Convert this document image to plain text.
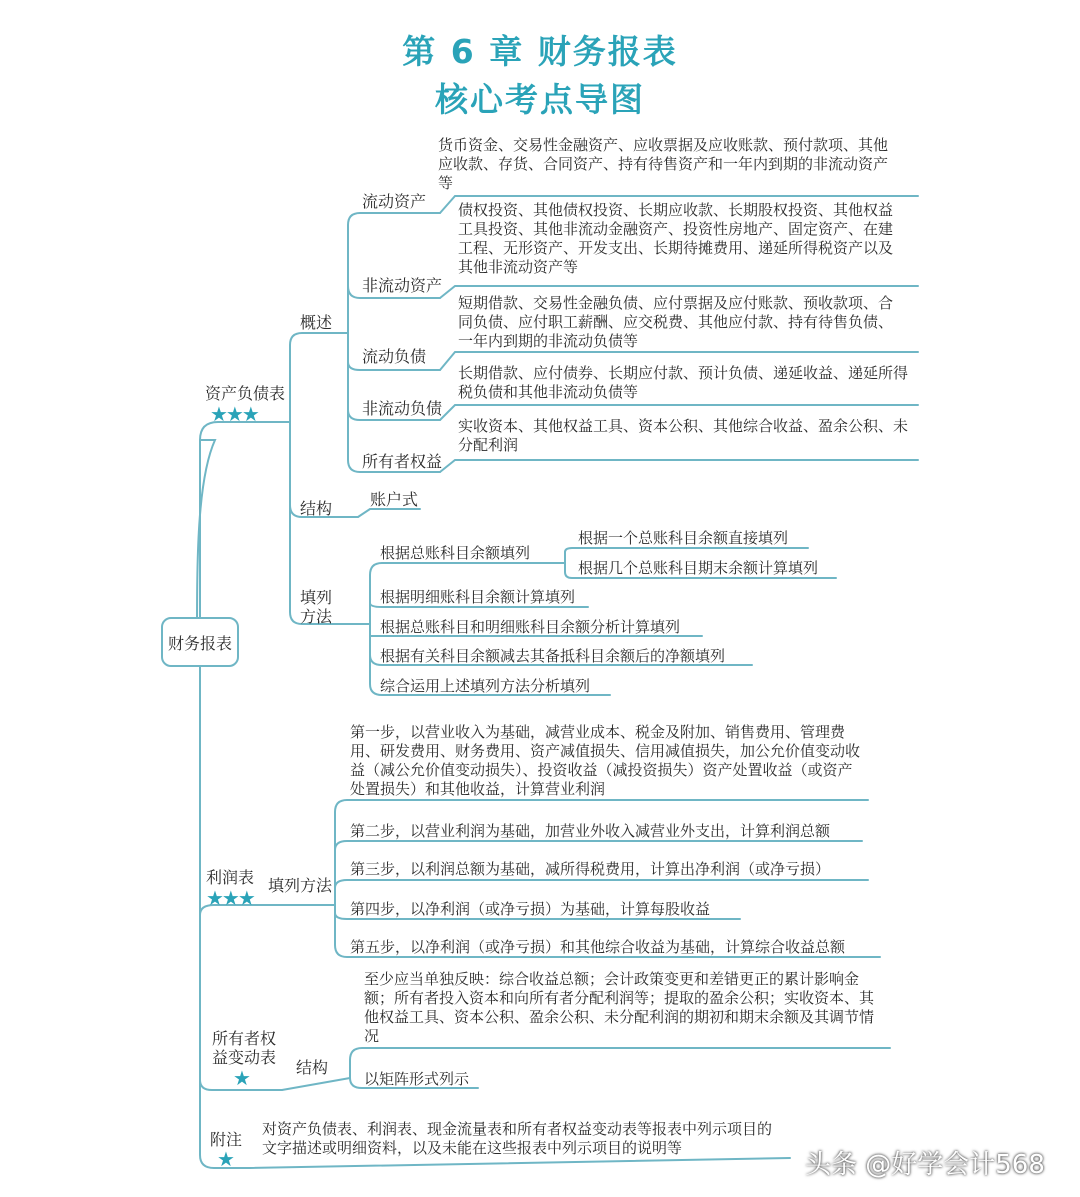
第 6 章 财务报表
核心考点导图
财务报表
资产负债表
★★★
概述
流动资产
货币资金、交易性金融资产、应收票据及应收账款、预付款项、其他应收款、存货、合同资产、持有待售资产和一年内到期的非流动资产等
非流动资产
债权投资、其他债权投资、长期应收款、长期股权投资、其他权益工具投资、其他非流动金融资产、投资性房地产、固定资产、在建工程、无形资产、开发支出、长期待摊费用、递延所得税资产以及其他非流动资产等
流动负债
短期借款、交易性金融负债、应付票据及应付账款、预收款项、合同负债、应付职工薪酬、应交税费、其他应付款、持有待售负债、一年内到期的非流动负债等
非流动负债
长期借款、应付债券、长期应付款、预计负债、递延收益、递延所得税负债和其他非流动负债等
所有者权益
实收资本、其他权益工具、资本公积、其他综合收益、盈余公积、未分配利润
结构 账户式
填列
方法
根据总账科目余额填列
根据一个总账科目余额直接填列
根据几个总账科目期末余额计算填列
根据明细账科目余额计算填列
根据总账科目和明细账科目余额分析计算填列
根据有关科目余额减去其备抵科目余额后的净额填列
综合运用上述填列方法分析填列
利润表
★★★
填列方法
第一步，以营业收入为基础，减营业成本、税金及附加、销售费用、管理费用、研发费用、财务费用、资产减值损失、信用减值损失，加公允价值变动收益（减公允价值变动损失）、投资收益（减投资损失）资产处置收益（或资产处置损失）和其他收益，计算营业利润
第二步，以营业利润为基础，加营业外收入减营业外支出，计算利润总额
第三步，以利润总额为基础，减所得税费用，计算出净利润（或净亏损）
第四步，以净利润（或净亏损）为基础，计算每股收益
第五步，以净利润（或净亏损）和其他综合收益为基础，计算综合收益总额
所有者权
益变动表
★	结构
至少应当单独反映：综合收益总额；会计政策变更和差错更正的累计影响金额；所有者投入资本和向所有者分配利润等；提取的盈余公积；实收资本、其他权益工具、资本公积、盈余公积、未分配利润的期初和期末余额及其调节情况
以矩阵形式列示
附注
★
对资产负债表、利润表、现金流量表和所有者权益变动表等报表中列示项目的文字描述或明细资料，以及未能在这些报表中列示项目的说明等
头条 @好学会计568
